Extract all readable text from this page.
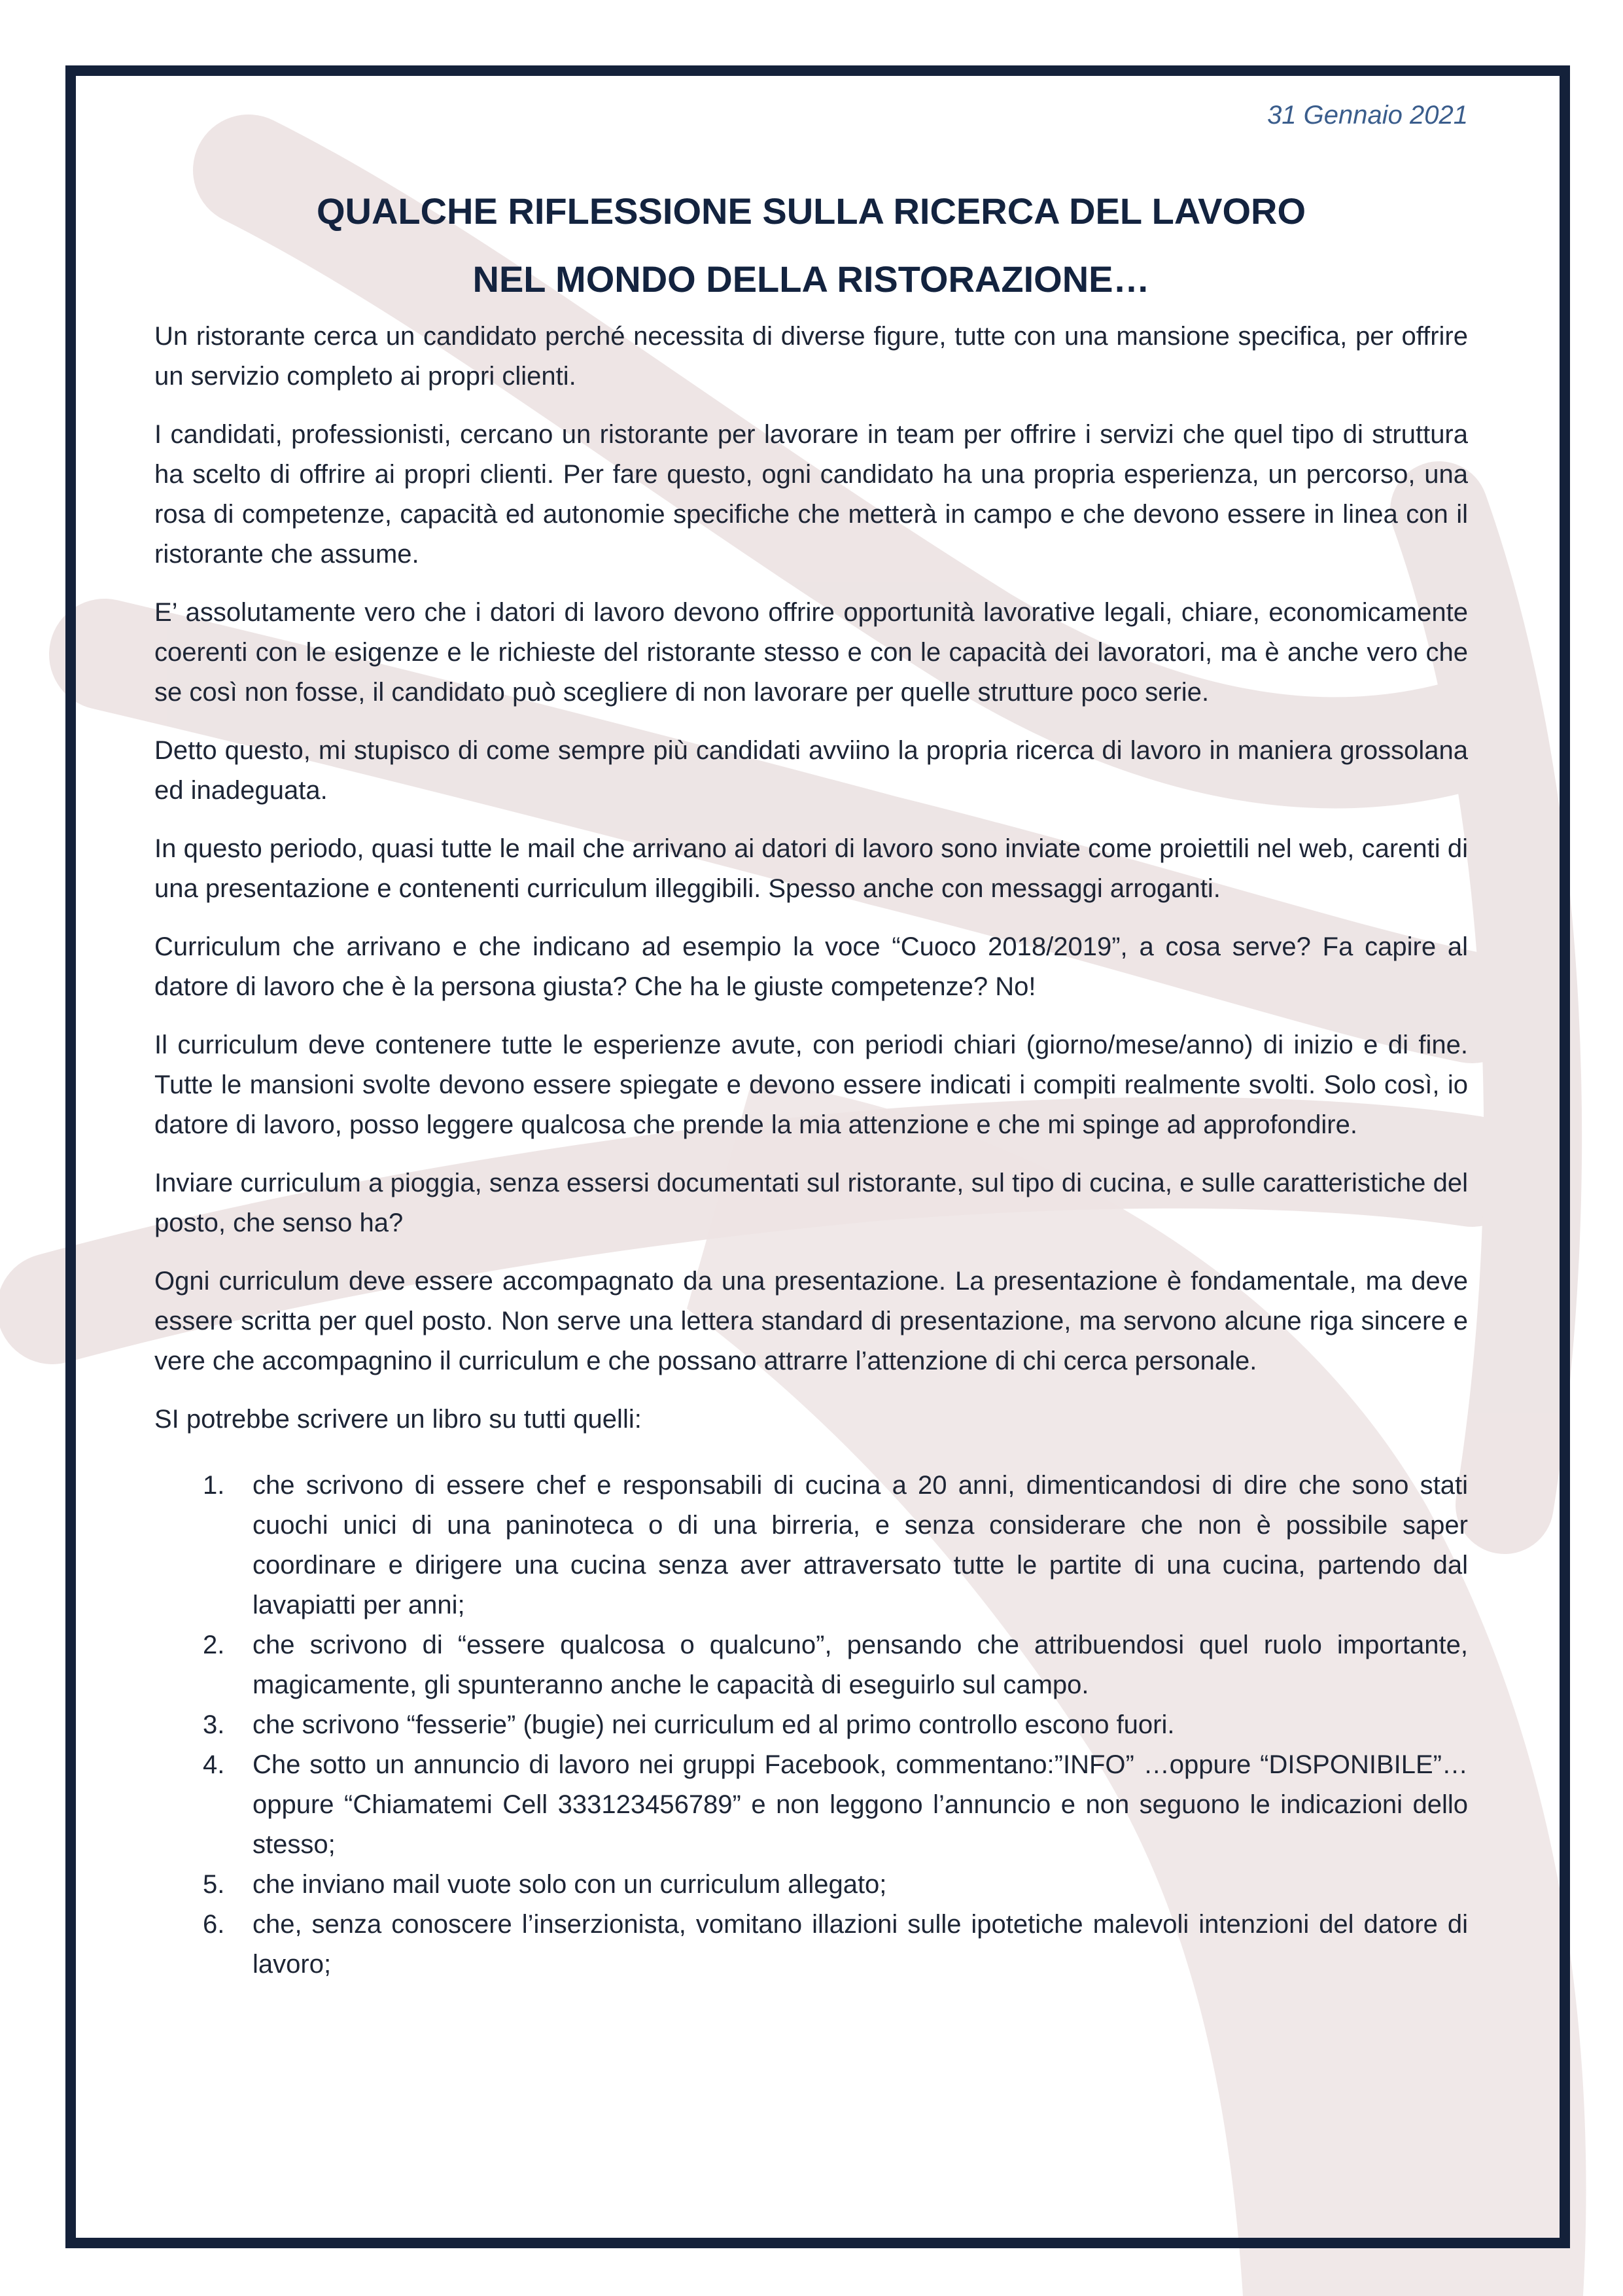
31 Gennaio 2021

QUALCHE RIFLESSIONE SULLA RICERCA DEL LAVORO
NEL MONDO DELLA RISTORAZIONE…

Un ristorante cerca un candidato perché necessita di diverse figure, tutte con una mansione specifica, per offrire un servizio completo ai propri clienti.

I candidati, professionisti, cercano un ristorante per lavorare in team per offrire i servizi che quel tipo di struttura ha scelto di offrire ai propri clienti. Per fare questo, ogni candidato ha una propria esperienza, un percorso, una rosa di competenze, capacità ed autonomie specifiche che metterà in campo e che devono essere in linea con il ristorante che assume.

E’ assolutamente vero che i datori di lavoro devono offrire opportunità lavorative legali, chiare, economicamente coerenti con le esigenze e le richieste del ristorante stesso e con le capacità dei lavoratori, ma è anche vero che se così non fosse, il candidato può scegliere di non lavorare per quelle strutture poco serie.

Detto questo, mi stupisco di come sempre più candidati avviino la propria ricerca di lavoro in maniera grossolana ed inadeguata.

In questo periodo, quasi tutte le mail che arrivano ai datori di lavoro sono inviate come proiettili nel web, carenti di una presentazione e contenenti curriculum illeggibili. Spesso anche con messaggi arroganti.

Curriculum che arrivano e che indicano ad esempio la voce “Cuoco 2018/2019”, a cosa serve? Fa capire al datore di lavoro che è la persona giusta? Che ha le giuste competenze? No!

Il curriculum deve contenere tutte le esperienze avute, con periodi chiari (giorno/mese/anno) di inizio e di fine. Tutte le mansioni svolte devono essere spiegate e devono essere indicati i compiti realmente svolti. Solo così, io datore di lavoro, posso leggere qualcosa che prende la mia attenzione e che mi spinge ad approfondire.

Inviare curriculum a pioggia, senza essersi documentati sul ristorante, sul tipo di cucina, e sulle caratteristiche del posto, che senso ha?

Ogni curriculum deve essere accompagnato da una presentazione. La presentazione è fondamentale, ma deve essere scritta per quel posto. Non serve una lettera standard di presentazione, ma servono alcune riga sincere e vere che accompagnino il curriculum e che possano attrarre l’attenzione di chi cerca personale.

SI potrebbe scrivere un libro su tutti quelli:

1. che scrivono di essere chef e responsabili di cucina a 20 anni, dimenticandosi di dire che sono stati cuochi unici di una paninoteca o di una birreria, e senza considerare che non è possibile saper coordinare e dirigere una cucina senza aver attraversato tutte le partite di una cucina, partendo dal lavapiatti per anni;
2. che scrivono di “essere qualcosa o qualcuno”, pensando che attribuendosi quel ruolo importante, magicamente, gli spunteranno anche le capacità di eseguirlo sul campo.
3. che scrivono “fesserie” (bugie) nei curriculum ed al primo controllo escono fuori.
4. Che sotto un annuncio di lavoro nei gruppi Facebook, commentano:”INFO” …oppure “DISPONIBILE”… oppure “Chiamatemi Cell 333123456789” e non leggono l’annuncio e non seguono le indicazioni dello stesso;
5. che inviano mail vuote solo con un curriculum allegato;
6. che, senza conoscere l’inserzionista, vomitano illazioni sulle ipotetiche malevoli intenzioni del datore di lavoro;
